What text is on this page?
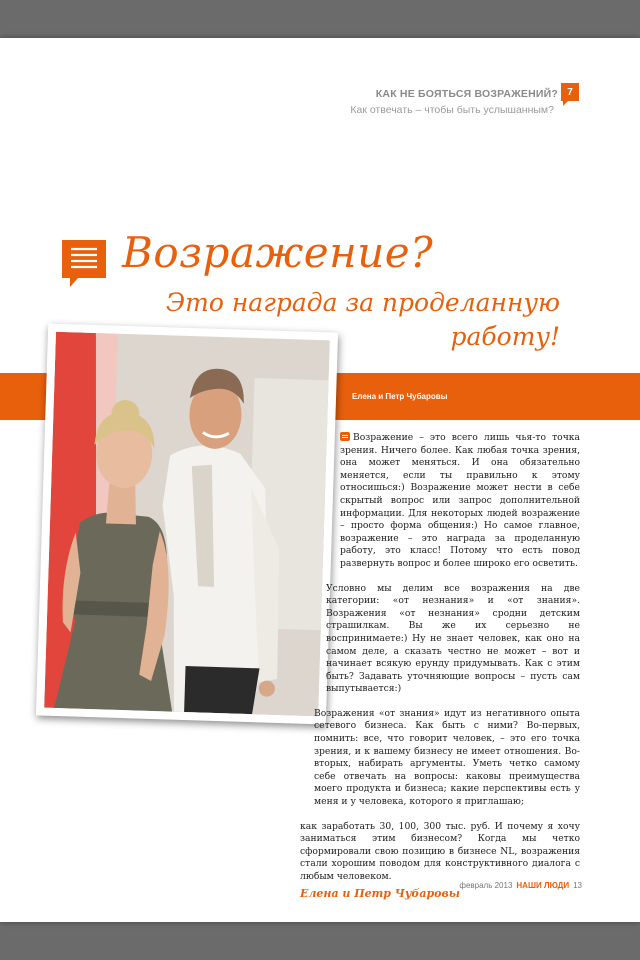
КАК НЕ БОЯТЬСЯ ВОЗРАЖЕНИЙ? 7
Как отвечать – чтобы быть услышанным?
Возражение?
Это награда за проделанную работу!
Елена и Петр Чубаровы

Возражение – это всего лишь чья-то точка зрения. Ничего более. Как любая точка зрения, она может меняться. И она обязательно меняется, если ты правильно к этому относишься:) Возражение может нести в себе скрытый вопрос или запрос дополнительной информации. Для некоторых людей возражение – просто форма общения:) Но самое главное, возражение – это награда за проделанную работу, это класс! Потому что есть повод развернуть вопрос и более широко его осветить.

Условно мы делим все возражения на две категории: «от незнания» и «от знания». Возражения «от незнания» сродни детским страшилкам. Вы же их серьезно не воспринимаете:) Ну не знает человек, как оно на самом деле, а сказать честно не может – вот и начинает всякую ерунду придумывать. Как с этим быть? Задавать уточняющие вопросы – пусть сам выпутывается:)

Возражения «от знания» идут из негативного опыта сетевого бизнеса. Как быть с ними? Во-первых, помнить: все, что говорит человек, – это его точка зрения, и к вашему бизнесу не имеет отношения. Во-вторых, набирать аргументы. Уметь четко самому себе отвечать на вопросы: каковы преимущества моего продукта и бизнеса; какие перспективы есть у меня и у человека, которого я приглашаю;

как заработать 30, 100, 300 тыс. руб. И почему я хочу заниматься этим бизнесом? Когда мы четко сформировали свою позицию в бизнесе NL, возражения стали хорошим поводом для конструктивного диалога с любым человеком.

Елена и Петр Чубаровы
февраль 2013 НАШИ ЛЮДИ 13
